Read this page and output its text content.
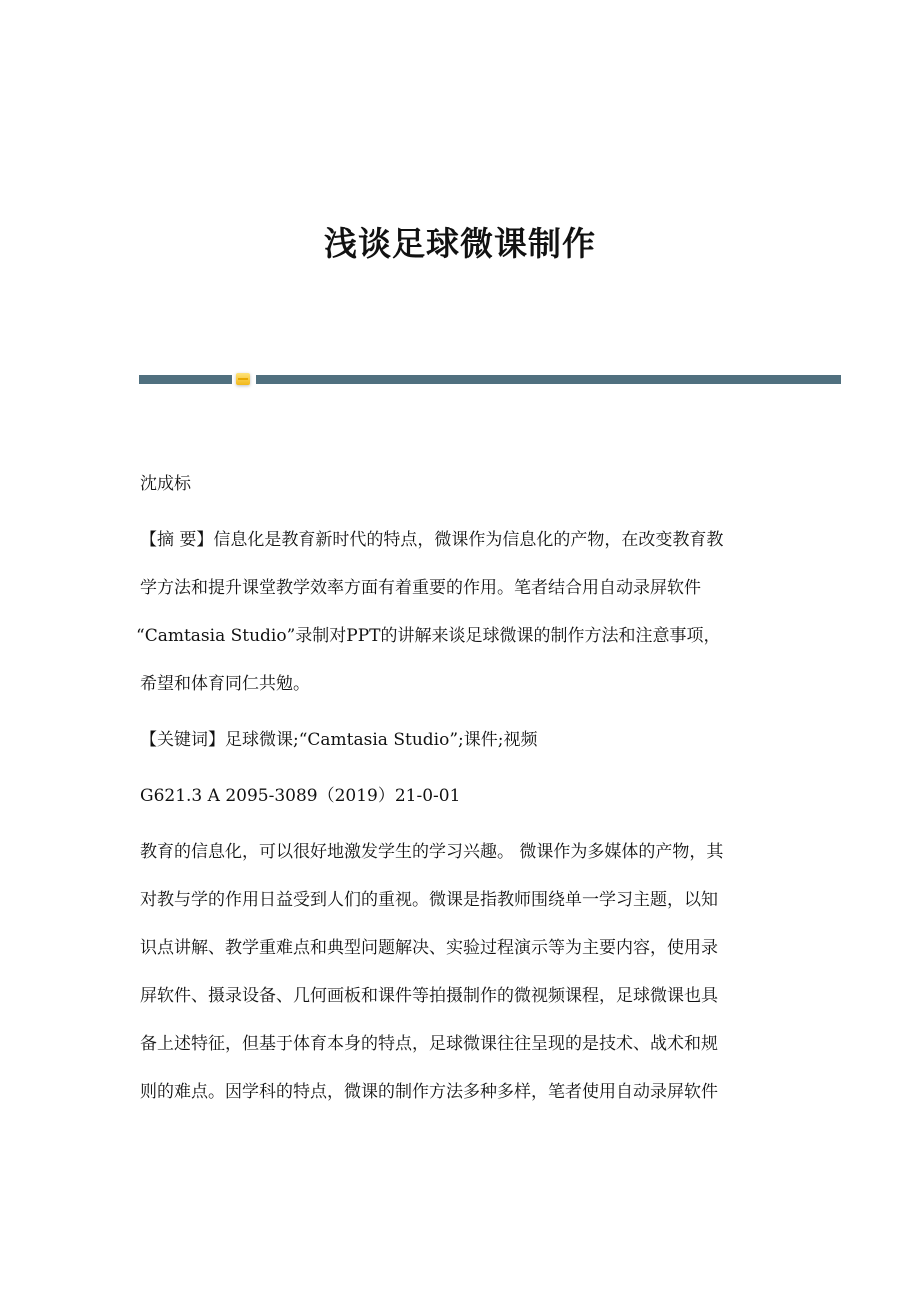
浅谈足球微课制作
沈成标
【摘 要】信息化是教育新时代的特点，微课作为信息化的产物，在改变教育教
学方法和提升课堂教学效率方面有着重要的作用。笔者结合用自动录屏软件
“Camtasia Studio”录制对PPT的讲解来谈足球微课的制作方法和注意事项，
希望和体育同仁共勉。
【关键词】足球微课;“Camtasia Studio”;课件;视频
G621.3 A 2095-3089（2019）21-0-01
教育的信息化，可以很好地激发学生的学习兴趣。 微课作为多媒体的产物，其
对教与学的作用日益受到人们的重视。微课是指教师围绕单一学习主题，以知
识点讲解、教学重难点和典型问题解决、实验过程演示等为主要内容，使用录
屏软件、摄录设备、几何画板和课件等拍摄制作的微视频课程，足球微课也具
备上述特征，但基于体育本身的特点，足球微课往往呈现的是技术、战术和规
则的难点。因学科的特点，微课的制作方法多种多样，笔者使用自动录屏软件
